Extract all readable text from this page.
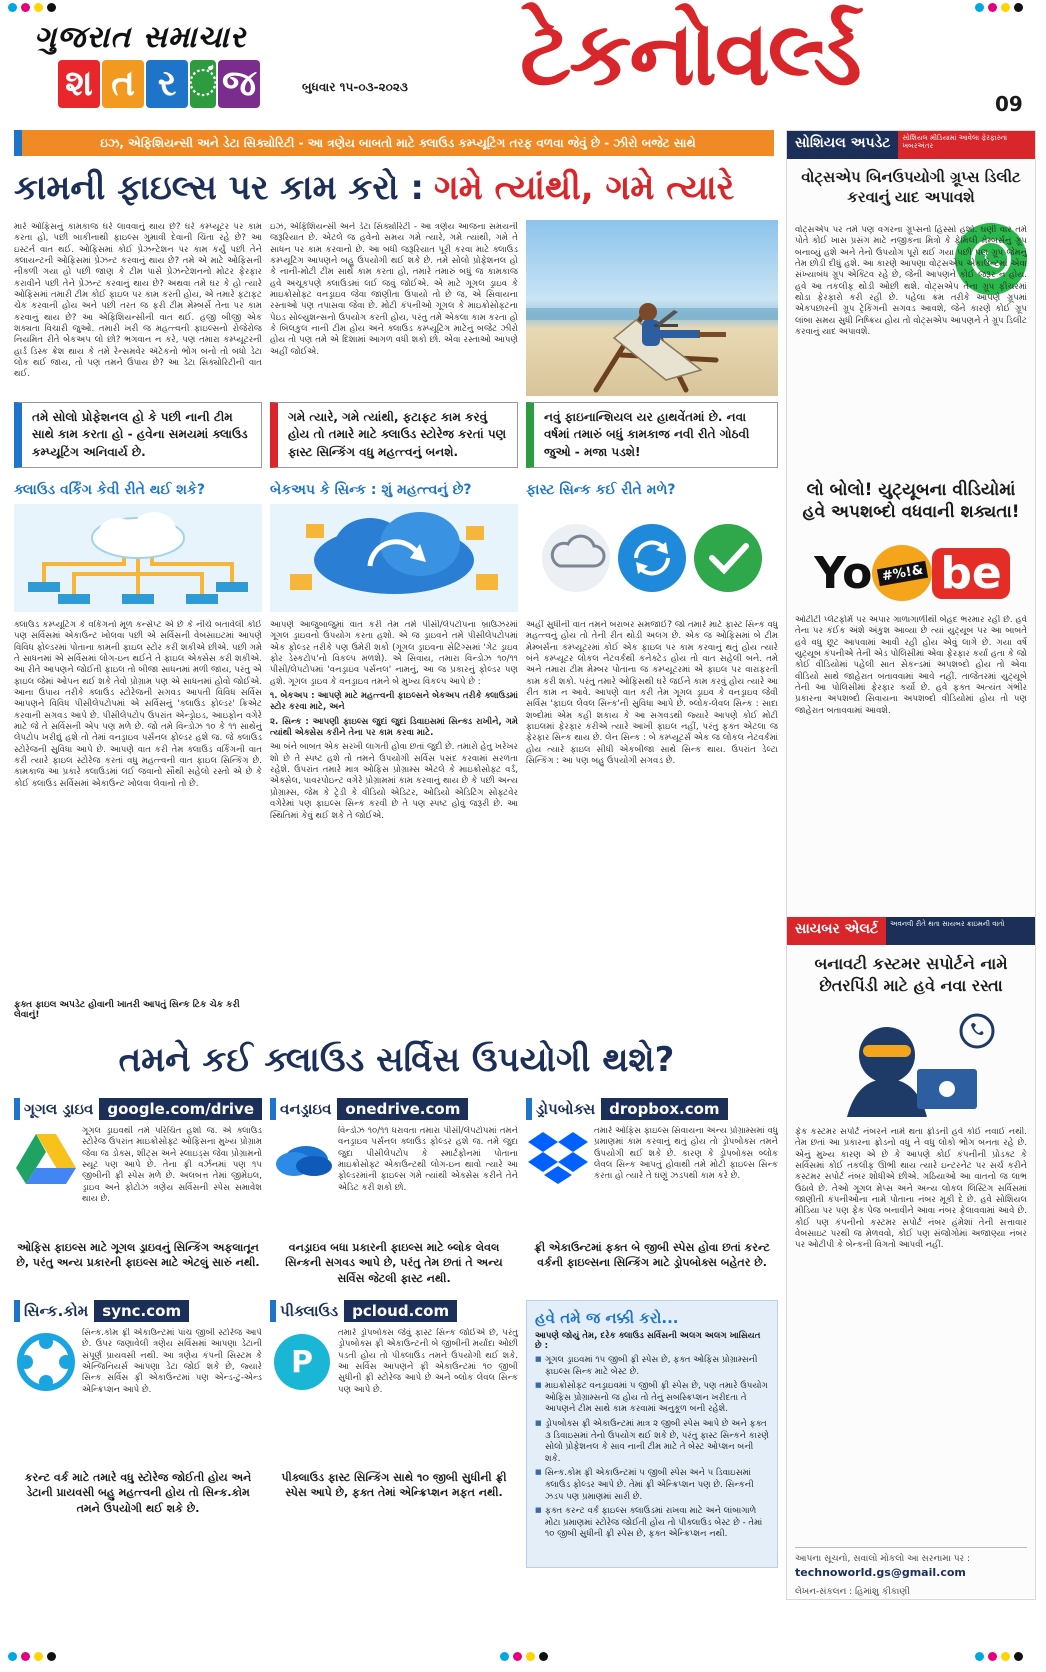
ગુજરાત સમાચાર
શ ત ર ં જ	બુધવાર ૧૫-૦૩-૨૦૨૩ ટેકનોવર્લ્ડ	09
ઇઝ, એફિશિયન્સી અને ડેટા સિક્યોરિટી - આ ત્રણેય બાબતો માટે ક્લાઉડ કમ્પ્યૂટિંગ તરફ વળવા જેવું છે - ઝીરો બજેટ સાથે
કામની ફાઇલ્સ પર કામ કરો : ગમે ત્યાંથી, ગમે ત્યારે
મારે ઓફિસનું કામકાજ ઘરે લાવવાનું થાય છે? ઘરે કમ્પ્યૂટર પર કામ કરતા હો, પછી બાકીનાથી ફાઇલ્સ ગુમાવી દેવાની ચિંતા રહે છે? આ ઇસ્ટર્ન વાત થઈ. ઓફિસમાં કોઈ પ્રેઝન્ટેશન પર કામ કર્યું પછી તેને ક્લાયન્ટની ઓફિસમાં પ્રેઝન્ટ કરવાનું થાય છે? તમે એ માટે ઓફિસની નીકળી ગયા હો પછી જાણ કે ટીમ પાસે પ્રેઝન્ટેશનનો મોટર ફેરફાર કરાવીને પછી તેને પ્રેઝન્ટ કરવાનું થાય છે? અથવા તમે ઘર કે હો ત્યારે ઓફિસમાં તમારી ટીમ કોઈ ફાઇલ પર કામ કરતી હોય, એ તમારે ફટાફટ ચેક કરવાની હોય અને પછી તરત જ ફરી ટીમ મેમ્બર્સે તેના પર કામ કરવાનું થાય છે? આ એફિશિયન્સીની વાત થઈ. હજી બીજી એક શક્યતા વિચારી જુઓ. તમારી ખરી જ મહત્ત્વની ફાઇલ્સનો રોજેરોજ નિયમિત રીતે બેકઅપ લો છો? ભગવાન ન કરે, પણ તમારા કમ્પ્યૂટરની હાર્ડ ડિસ્ક ક્રેશ થાય કે તમે રેન્સમવેર ઍટેકનો ભોગ બનો તો બધો ડેટા લોક થઈ જાય, તો પણ તમને ઉપાય છે? આ ડેટા સિક્યોરિટીની વાત થઈ.
ઇઝ, એફિશિયન્સી અને ડેટા સિક્યોરિટી - આ ત્રણેય આજના સમયની જરૂરિયાત છે. એટલે જ હવેનો સમય ગમે ત્યારે, ગમે ત્યાંથી, ગમે તે સાધન પર કામ કરવાનો છે. આ બધી જરૂરિયાત પૂરી કરવા માટે ક્લાઉડ કમ્પ્યૂટિંગ આપણને બહુ ઉપયોગી થઈ શકે છે. તમે સોલો પ્રોફેશનલ હો કે નાની-મોટી ટીમ સાથે કામ કરતા હો, તમારે તમારું બધું જ કામકાજ હવે અચૂકપણે ક્લાઉડમાં લઈ જવું જોઈએ. એ માટે ગૂગલ ડ્રાઇવ કે માઇક્રોસોફ્ટ વનડ્રાઇવ જેવા જાણીતા ઉપાયો તો છે જ, એ સિવાયના રસ્તાઓ પણ તપાસવા જેવા છે. મોટી કંપનીઓ ગૂગલ કે માઇક્રોસોફ્ટના પેઇડ સોલ્યુશન્સનો ઉપયોગ કરતી હોય, પરંતુ તમે એકલા કામ કરતા હો કે બિલકુલ નાની ટીમ હોય અને ક્લાઉડ કમ્પ્યૂટિંગ માટેનું બજેટ ઝીરો હોય તો પણ તમે એ દિશામાં આગળ વધી શકો છો. એવા રસ્તાઓ આપણે અહીં જોઈએ.
તમે સોલો પ્રોફેશનલ હો કે પછી નાની ટીમ સાથે કામ કરતા હો - હવેના સમયમાં ક્લાઉડ કમ્પ્યૂટિંગ અનિવાર્ય છે.
ગમે ત્યારે, ગમે ત્યાંથી, ફટાફટ કામ કરવું હોય તો તમારે માટે ક્લાઉડ સ્ટોરેજ કરતાં પણ ફાસ્ટ સિન્કિંગ વધુ મહત્ત્વનું બનશે.
નવું ફાઇનાન્શિયલ યર હાથવેંતમાં છે. નવા વર્ષમાં તમારું બધું કામકાજ નવી રીતે ગોઠવી જુઓ - મજા પડશે!
ક્લાઉડ વર્કિંગ કેવી રીતે થઈ શકે?
ક્લાઉડ કમ્પ્યૂટિંગ કે વર્કિંગનો મૂળ કન્સેપ્ટ એ છે કે નીચે બતાવેલી કોઈ પણ સર્વિસમાં એકાઉન્ટ ખોલવા પછી એ સર્વિસની વેબસાઇટમાં આપણે વિવિધ ફોલ્ડરમાં પોતાના કામની ફાઇલ સ્ટોર કરી શકીએ છીએ. પછી ગમે તે સાધનમાં એ સર્વિસમાં લોગ-ઇન થઈને તે ફાઇલ એક્સેસ કરી શકીએ. આ રીતે આપણને જોઈતી ફાઇલ તો બીજા સાધનમાં મળી જાય, પરંતુ એ ફાઇલ જેમાં ઓપન થઈ શકે તેવો પ્રોગ્રામ પણ એ સાધનમાં હોવો જોઈએ. આના ઉપાય તરીકે ક્લાઉડ સ્ટોરેજની સગવડ આપતી વિવિધ સર્વિસ આપણને વિવિધ પીસીલેપટોપમાં એ સર્વિસનું 'ક્લાઉડ ફોલ્ડર' ક્રિએટ કરવાની સગવડ આપે છે. પીસીલેપટોપ ઉપરાંત એન્ડ્રોઇડ, આઇફોન વગેરે માટે જે તે સર્વિસની એપ પણ મળે છે. જો તમે વિન્ડોઝ ૧૦ કે ૧૧ સાથેનું લેપટોપ ખરીદ્યું હશે તો તેમાં વનડ્રાઇવ પર્સનલ ફોલ્ડર હશે જ. જે ક્લાઉડ સ્ટોરેજની સુવિધા આપે છે. આપણે વાત કરી તેમ ક્લાઉડ વર્કિંગની વાત કરી ત્યારે ફાઇલ સ્ટોરેજ કરતાં વધુ મહત્ત્વની વાત ફાઇલ સિન્કિંગ છે. કામકાજ આ પ્રકારે ક્લાઉડમાં લઈ જવાનો સૌથી સહેલો રસ્તો એ છે કે કોઈ ક્લાઉડ સર્વિસમાં એકાઉન્ટ ખોલવા લેવાનો તો છે.
ફક્ત ફાઇલ અપડેટ હોવાની ખાતરી આપતું સિન્ક ટિક ચેક કરી લેવાનું!
બેકઅપ કે સિન્ક : શું મહત્ત્વનું છે?

આપણે આજુબાજુમાં વાત કરી તેમ તમે પીસી/લેપટોપના બ્રાઉઝરમાં ગૂગલ ડ્રાઇવનો ઉપયોગ કરતા હશો. એ જ ડ્રાઇવને તમે પીસીલેપટોપમાં એક ફોલ્ડર તરીકે પણ ઉમેરી શકો (ગૂગલ ડ્રાઇવના સેટિંગ્સમાં 'ગેટ ડ્રાઇવ ફોર ડેસ્કટોપ'નો વિકલ્પ મળશે). એ સિવાય, તમારા વિન્ડોઝ ૧૦/૧૧ પીસી/લેપટોપમાં 'વનડ્રાઇવ પર્સનલ' નામનું, આ જ પ્રકારનું ફોલ્ડર પણ હશે. ગૂગલ ડ્રાઇવ કે વનડ્રાઇવ તમને બે મુખ્ય વિકલ્પ આપે છે :

૧. બેકઅપ : આપણે માટે મહત્ત્વની ફાઇલ્સને બેકઅપ તરીકે ક્લાઉડમાં સ્ટોર કરવા માટે, અને

૨. સિન્ક : આપણી ફાઇલ્સ જુદાં જુદાં ડિવાઇસમાં સિન્ક્ડ રાખીને, ગમે ત્યાંથી એક્સેસ કરીને તેના પર કામ કરવા માટે.

આ બંને બાબત એક સરખી લાગતી હોવા છતાં જુદી છે. તમારો હેતુ ખરેખર શો છે તે સ્પષ્ટ હશે તો તમને ઉપયોગી સર્વિસ પસંદ કરવામાં સરળતા રહેશે. ઉપરાંત તમારે માત્ર ઓફિસ પ્રોગ્રામ્સ એટલે કે માઇક્રોસોફ્ટ વર્ડ, એક્સેલ, પાવરપોઇન્ટ વગેરે પ્રોગ્રામમાં કામ કરવાનું થાય છે કે પછી અન્ય પ્રોગ્રામ્સ, જેમ કે ટ્રેડી કે વીડિયો એડિટર, ઓડિયો એડિટિંગ સોફ્ટવેર વગેરેમાં પણ ફાઇલ્સ સિન્ક કરવી છે તે પણ સ્પષ્ટ હોવું જરૂરી છે. આ સ્થિતિમાં કેવું થઈ શકે તે જોઈએ.

ફાસ્ટ સિન્ક કઈ રીતે મળે?
અહીં સુધીની વાત તમને બરાબર સમજાઈ? જો તમારે માટે ફાસ્ટ સિન્ક વધુ મહત્ત્વનું હોય તો તેની રીત થોડી અલગ છે. એક જ ઓફિસમાં બે ટીમ મેમ્બર્સના કમ્પ્યૂટરમાં કોઈ એક ફાઇલ પર કામ કરવાનું થતું હોય ત્યારે બંને કમ્પ્યૂટર લોકલ નેટવર્કથી કનેક્ટેડ હોય તો વાત સહેલી બને. તમે અને તમારા ટીમ મેમ્બર પોતાના જ કમ્પ્યૂટરમાં એ ફાઇલ પર વારાફરતી કામ કરી શકો. પરંતુ તમારે ઓફિસથી ઘરે જઈને કામ કરવું હોય ત્યારે આ રીત કામ ન આવે. આપણે વાત કરી તેમ ગૂગલ ડ્રાઇવ કે વનડ્રાઇવ જેવી સર્વિસ 'ફાઇલ લેવલ સિન્ક'ની સુવિધા આપે છે. બ્લોક-લેવલ સિન્ક : સાદા શબ્દોમાં એમ કહી શકાય કે આ સગવડથી જ્યારે આપણે કોઈ મોટી ફાઇલમાં ફેરફાર કરીએ ત્યારે આખી ફાઇલ નહીં, પરંતુ ફક્ત એટલા જ ફેરફાર સિન્ક થાય છે. લેન સિન્ક : બે કમ્પ્યૂટર્સ એક જ લોકલ નેટવર્કમાં હોય ત્યારે ફાઇલ સીધી એકબીજા સાથે સિન્ક થાય. ઉપરાંત ડેલ્ટા સિન્કિંગ : આ પણ બહુ ઉપયોગી સગવડ છે.
તમને કઈ ક્લાઉડ સર્વિસ ઉપયોગી થશે?
ગૂગલ ડ્રાઇવ google.com/drive
ગૂગલ ડ્રાઇવથી તમે પરિચિત હશો જ. એ ક્લાઉડ સ્ટોરેજ ઉપરાંત માઇક્રોસોફ્ટ ઓફિસના મુખ્ય પ્રોગ્રામ જેવા જ ડોક્સ, શીટ્સ અને સ્લાઇડ્સ જેવા પ્રોગ્રામનો સ્યૂટ પણ આપે છે. તેના ફ્રી વર્ઝનમાં પણ ૧૫ જીબીની ફ્રી સ્પેસ મળે છે. અલબત્ત તેમાં જીમેઇલ, ડ્રાઇવ અને ફોટોઝ ત્રણેય સર્વિસની સ્પેસ સમાવેશ થાય છે.
ઓફિસ ફાઇલ્સ માટે ગૂગલ ડ્રાઇવનું સિન્કિંગ અફલાતૂન છે, પરંતુ અન્ય પ્રકારની ફાઇલ્સ માટે એટલું સારું નથી.
વનડ્રાઇવ onedrive.com
વિન્ડોઝ ૧૦/૧૧ ધરાવતા તમારા પીસી/લેપટોપમાં તમને વનડ્રાઇવ પર્સનલ ક્લાઉડ ફોલ્ડર હશે જ. તમે જુદા જુદા પીસીલેપટોપ કે સ્માર્ટફોનમાં પોતાના માઇક્રોસોફ્ટ એકાઉન્ટથી લોગ-ઇન થાવો ત્યારે આ ફોલ્ડરમાંની ફાઇલ્સ ગમે ત્યાંથી એક્સેસ કરીને તેને એડિટ કરી શકો છો.
વનડ્રાઇવ બધા પ્રકારની ફાઇલ્સ માટે બ્લોક લેવલ સિન્કની સગવડ આપે છે, પરંતુ તેમ છતાં તે અન્ય સર્વિસ જેટલી ફાસ્ટ નથી.
ડ્રોપબોક્સ dropbox.com
તમારે ઓફિસ ફાઇલ્સ સિવાયના અન્ય પ્રોગ્રામ્સમાં વધુ પ્રમાણમાં કામ કરવાનું થતું હોય તો ડ્રોપબોક્સ તમને ઉપયોગી થઈ શકે છે. કારણ કે ડ્રોપબોક્સ બ્લોક લેવલ સિન્ક આપતું હોવાથી તમે મોટી ફાઇલ્સ સિન્ક કરતા હો ત્યારે તે ઘણું ઝડપથી કામ કરે છે.
ફ્રી એકાઉન્ટમાં ફક્ત બે જીબી સ્પેસ હોવા છતાં કરન્ટ વર્કની ફાઇલ્સના સિન્કિંગ માટે ડ્રોપબોક્સ બહેતર છે.
સિન્ક.કોમ sync.com
સિન્ક.કોમ ફ્રી એકાઉન્ટમાં પાંચ જીબી સ્ટોરેજ આપે છે. ઉપર જણાવેલી ત્રણેય સર્વિસમાં આપણા ડેટાની સંપૂર્ણ પ્રાયવસી નથી. આ ત્રણેય કંપની સિસ્ટમ કે એન્જિનિયર્સ આપણા ડેટા જોઈ શકે છે, જ્યારે સિન્ક સર્વિસ ફ્રી એકાઉન્ટમાં પણ એન્ડ-ટુ-એન્ડ એન્ક્રિપ્શન આપે છે.
કરન્ટ વર્ક માટે તમારે વધુ સ્ટોરેજ જોઈતી હોય અને ડેટાની પ્રાયવસી બહુ મહત્ત્વની હોય તો સિન્ક.કોમ તમને ઉપયોગી થઈ શકે છે.
પીક્લાઉડ pcloud.com
P
તમારે ડ્રોપબોક્સ જેવું ફાસ્ટ સિન્ક જોઈએ છે, પરંતુ ડ્રોપબોક્સ ફ્રી એકાઉન્ટની બે જીબીની મર્યાદા ઓછી પડતી હોય તો પીક્લાઉડ તમને ઉપયોગી થઈ શકે. આ સર્વિસ આપણને ફ્રી એકાઉન્ટમાં ૧૦ જીબી સુધીની ફ્રી સ્ટોરેજ આપે છે અને બ્લોક લેવલ સિન્ક પણ આપે છે.
પીક્લાઉડ ફાસ્ટ સિન્કિંગ સાથે ૧૦ જીબી સુધીની ફ્રી સ્પેસ આપે છે, ફક્ત તેમાં એન્ક્રિપ્શન મફત નથી.
હવે તમે જ નક્કી કરો...
આપણે જોયું તેમ, દરેક ક્લાઉડ સર્વિસની અલગ અલગ ખાસિયત છે :
■ ગૂગલ ડ્રાઇવમાં ૧૫ જીબી ફ્રી સ્પેસ છે, ફક્ત ઓફિસ પ્રોગ્રામ્સની ફાઇલ્સ સિન્ક માટે બેસ્ટ છે.
■ માઇક્રોસોફ્ટ વનડ્રાઇવમાં ૫ જીબી ફ્રી સ્પેસ છે, પણ તમારે ઉપયોગ ઓફિસ પ્રોગ્રામ્સનો જ હોય તો તેનું સબસ્ક્રિપ્શન ખરીદતા તે આપણને ટીમ સાથે કામ કરવામાં અનુકૂળ બની રહેશે.
■ ડ્રોપબોક્સ ફ્રી એકાઉન્ટમાં માત્ર ૨ જીબી સ્પેસ આપે છે અને ફક્ત ૩ ડિવાઇસમાં તેનો ઉપયોગ થઈ શકે છે, પરંતુ ફાસ્ટ સિન્કને કારણે સોલો પ્રોફેશનલ કે સાવ નાની ટીમ માટે તે બેસ્ટ ઓપ્શન બની શકે.
■ સિન્ક.કોમ ફ્રી એકાઉન્ટમાં ૫ જીબી સ્પેસ અને ૫ ડિવાઇસમાં ક્લાઉડ ફોલ્ડર આપે છે. તેમાં ફ્રી એન્ક્રિપ્શન પણ છે. સિન્કની ઝડપ પણ પ્રમાણમાં સારી છે.
■ ફક્ત કરન્ટ વર્ક ફાઇલ્સ ક્લાઉડમાં રાખવા માટે અને લાંબાગાળે મોટા પ્રમાણમાં સ્ટોરેજ જોઈતી હોય તો પીક્લાઉડ બેસ્ટ છે - તેમાં ૧૦ જીબી સુધીની ફ્રી સ્પેસ છે, ફક્ત એન્ક્રિપ્શન નથી.
સોશિયલ અપડેટ	સોશિયલ મીડિયામાં આવેલા ફેરફારના ખબરઅંતર
વોટ્સએપ બિનઉપયોગી ગ્રૂપ્સ ડિલીટ કરવાનું યાદ અપાવશે
વોટ્સએપ પર તમે પણ વગરના ગ્રૂપ્સનો હિસ્સો હશો. ઘણી વાર તમે પોતે કોઈ ખાસ પ્રસંગ માટે નજીકના મિત્રો કે ફેમિલી મેમ્બર્સનું ગ્રૂપ બનાવ્યું હશે અને તેનો ઉપયોગ પૂરો થઈ ગયા પછી પણ ગ્રૂપ જેમનું તેમ છોડી દીધું હશે. આ કારણે આપણા વોટ્સએપ એકાઉન્ટમાં એવા સંખ્યાબંધ ગ્રૂપ એક્ટિવ રહે છે, જેની આપણને કોઈ જરૂર ન હોય. હવે આ તકલીફ થોડી ઓછી થશે. વોટ્સએપ તેના ગ્રૂપ ફીચરમાં થોડા ફેરફારો કરી રહી છે. પહેલા ક્રમ તરીકે આપણે ગ્રૂપમાં એકપછારની ગ્રૂપ ટ્રેકિંગની સગવડ આવશે, જેને કારણે કોઈ ગ્રૂપ લાંબા સમય સુધી નિષ્ક્રિય હોય તો વોટ્સએપ આપણને તે ગ્રૂપ ડિલીટ કરવાનું યાદ અપાવશે.
લો બોલો! યુટ્યૂબના વીડિયોમાં હવે અપશબ્દો વધવાની શક્યતા!
Yo #%!& be
ઓટીટી પ્લેટફોર્મ પર અપાર ગાળાગાળીથી બેહદ ભરમાર રહી છે. હવે તેના પર કંઈક અંશે અંકુશ આવ્યા છે ત્યાં યુટ્યૂબ પર આ બાબતે હવે વધુ છૂટ આપવામાં આવી રહી હોય એવું લાગે છે. ગયા વર્ષે યુટ્યૂબ કંપનીએ તેની એડ પોલિસીમાં એવા ફેરફાર કર્યા હતા કે જો કોઈ વીડિયોમાં પહેલી સાત સેકન્ડમાં અપશબ્દો હોય તો એવા વીડિયો સાથે જાહેરાત બતાવવામાં આવે નહીં. તાજેતરમાં યુટ્યૂબે તેની આ પોલિસીમાં ફેરફાર કર્યો છે. હવે ફક્ત અત્યંત ગંભીર પ્રકારના અપશબ્દો સિવાયના અપશબ્દો વીડિયોમાં હોય તો પણ જાહેરાત બતાવવામાં આવશે.
સાયબર એલર્ટ	અવનવી રીતે થતા સાયબર ક્રાઇમની વાતો
બનાવટી કસ્ટમર સપોર્ટને નામે છેતરપિંડી માટે હવે નવા રસ્તા
ફેક કસ્ટમર સપોર્ટ નંબરને નામે થતા ફ્રોડની હવે કોઈ નવાઈ નથી. તેમ છતાં આ પ્રકારના ફ્રોડનો વધુ ને વધુ લોકો ભોગ બનતા રહે છે. એનું મુખ્ય કારણ એ છે કે આપણે કોઈ કંપનીની પ્રોડક્ટ કે સર્વિસમાં કોઈ તકલીફ ઊભી થાય ત્યારે ઇન્ટરનેટ પર સર્ચ કરીને કસ્ટમર સપોર્ટ નંબર શોધીએ છીએ. ગઠિયાઓ આ વાતનો જ લાભ ઉઠાવે છે. તેઓ ગૂગલ મેપ્સ અને અન્ય લોકલ લિસ્ટિંગ સર્વિસમાં જાણીતી કંપનીઓના નામે પોતાના નંબર મૂકી દે છે. હવે સોશિયલ મીડિયા પર પણ ફેક પેજ બનાવીને આવા નંબર ફેલાવવામાં આવે છે. કોઈ પણ કંપનીનો કસ્ટમર સપોર્ટ નંબર હંમેશાં તેની સત્તાવાર વેબસાઇટ પરથી જ મેળવવો, કોઈ પણ સંજોગોમાં અજાણ્યા નંબર પર ઓટીપી કે બેન્કની વિગતો આપવી નહીં.
આપના સૂચનો, સવાલો મોકલો આ સરનામા પર :
technoworld.gs@gmail.com
લેખન-સંકલન : હિમાંશુ કીકાણી
